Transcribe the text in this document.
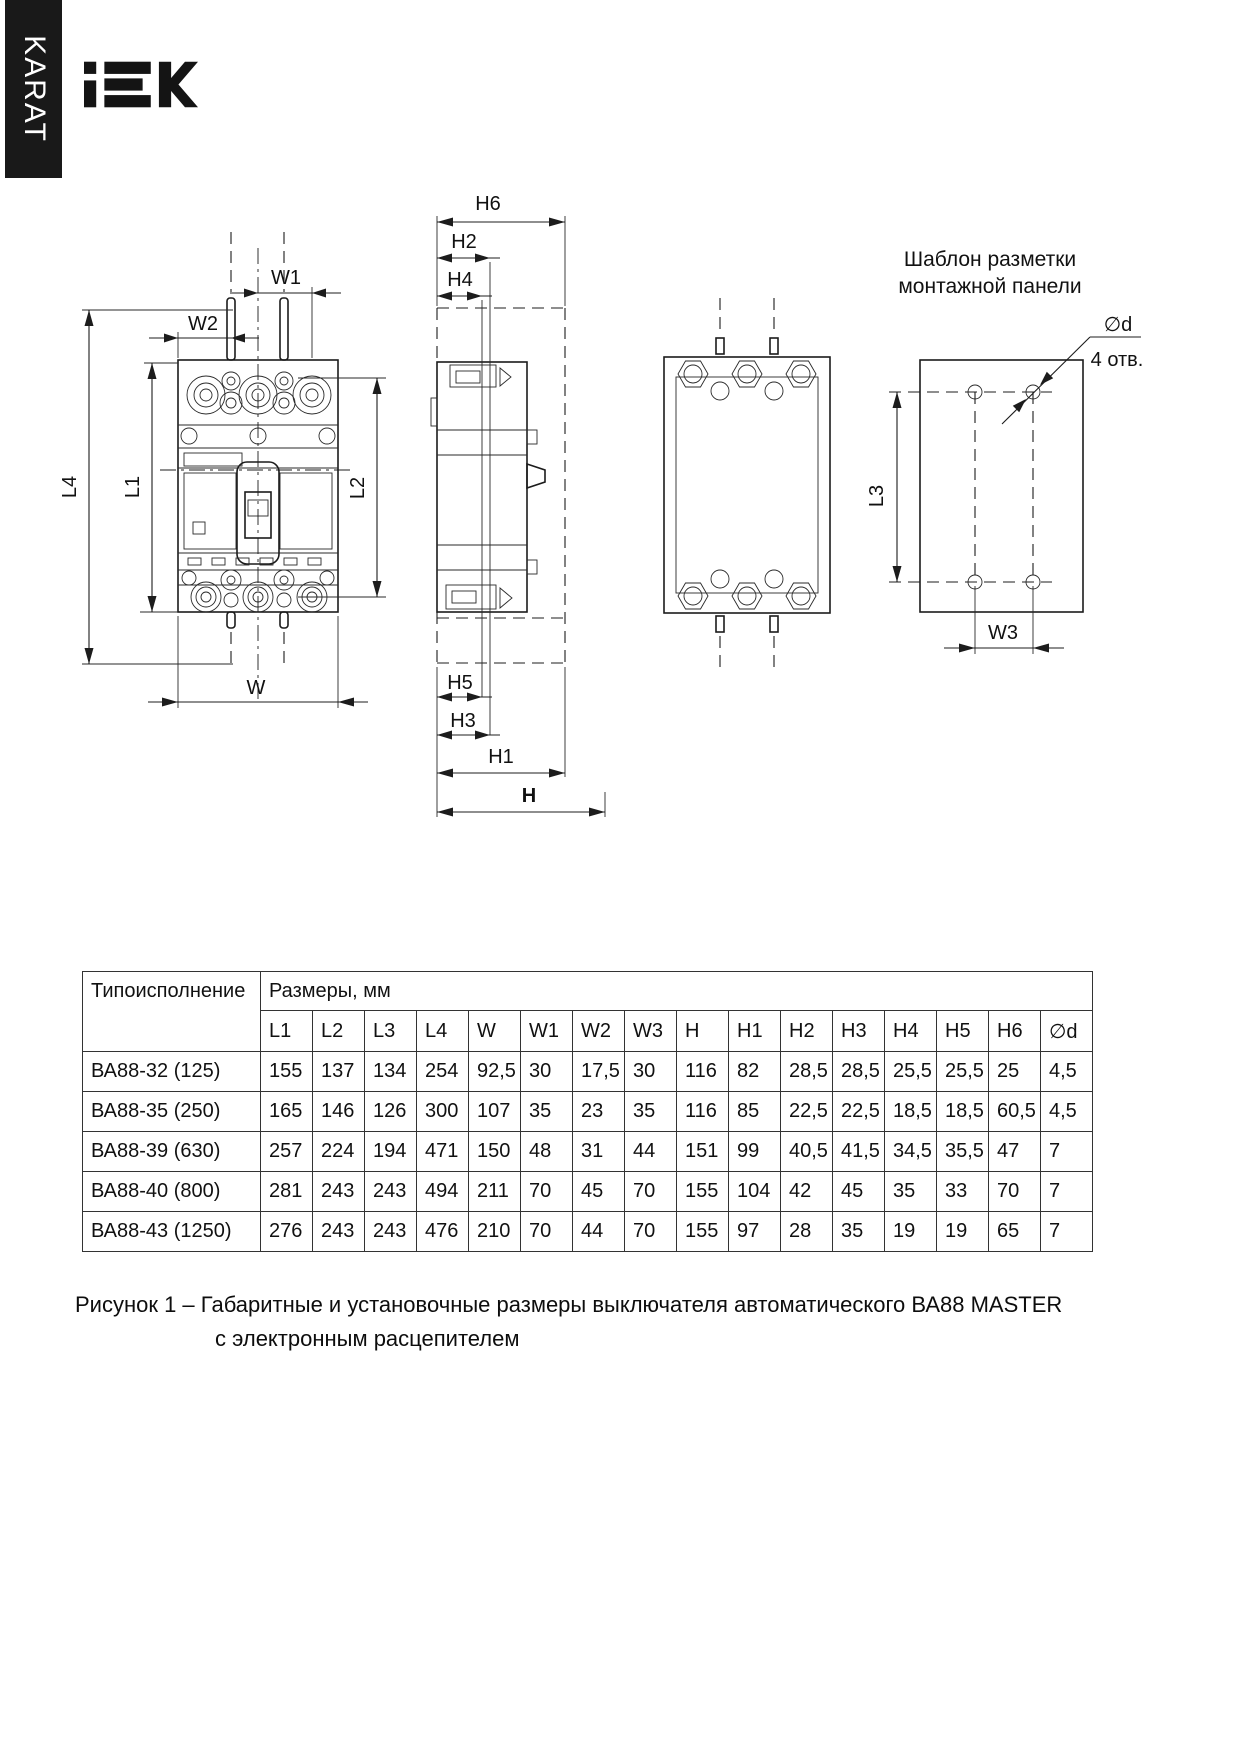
KARAT
W2
W1
L4 L1	L2
W
H6
H2
H4
H5
H3
H1
H
Шаблон разметки
монтажной панели
∅d
4 отв.
L3
W3
Типоисполнение	Размеры, мм															
	L1	L2	L3	L4	W	W1	W2	W3	H	H1	H2	H3	H4	H5	H6	∅d
ВА88-32 (125)	155	137	134	254	92,5	30	17,5	30	116	82	28,5	28,5	25,5	25,5	25	4,5
ВА88-35 (250)	165	146	126	300	107	35	23	35	116	85	22,5	22,5	18,5	18,5	60,5	4,5
ВА88-39 (630)	257	224	194	471	150	48	31	44	151	99	40,5	41,5	34,5	35,5	47	7
ВА88-40 (800)	281	243	243	494	211	70	45	70	155	104	42	45	35	33	70	7
ВА88-43 (1250)	276	243	243	476	210	70	44	70	155	97	28	35	19	19	65	7
Рисунок 1 – Габаритные и установочные размеры выключателя автоматического ВА88 MASTER
с электронным расцепителем
